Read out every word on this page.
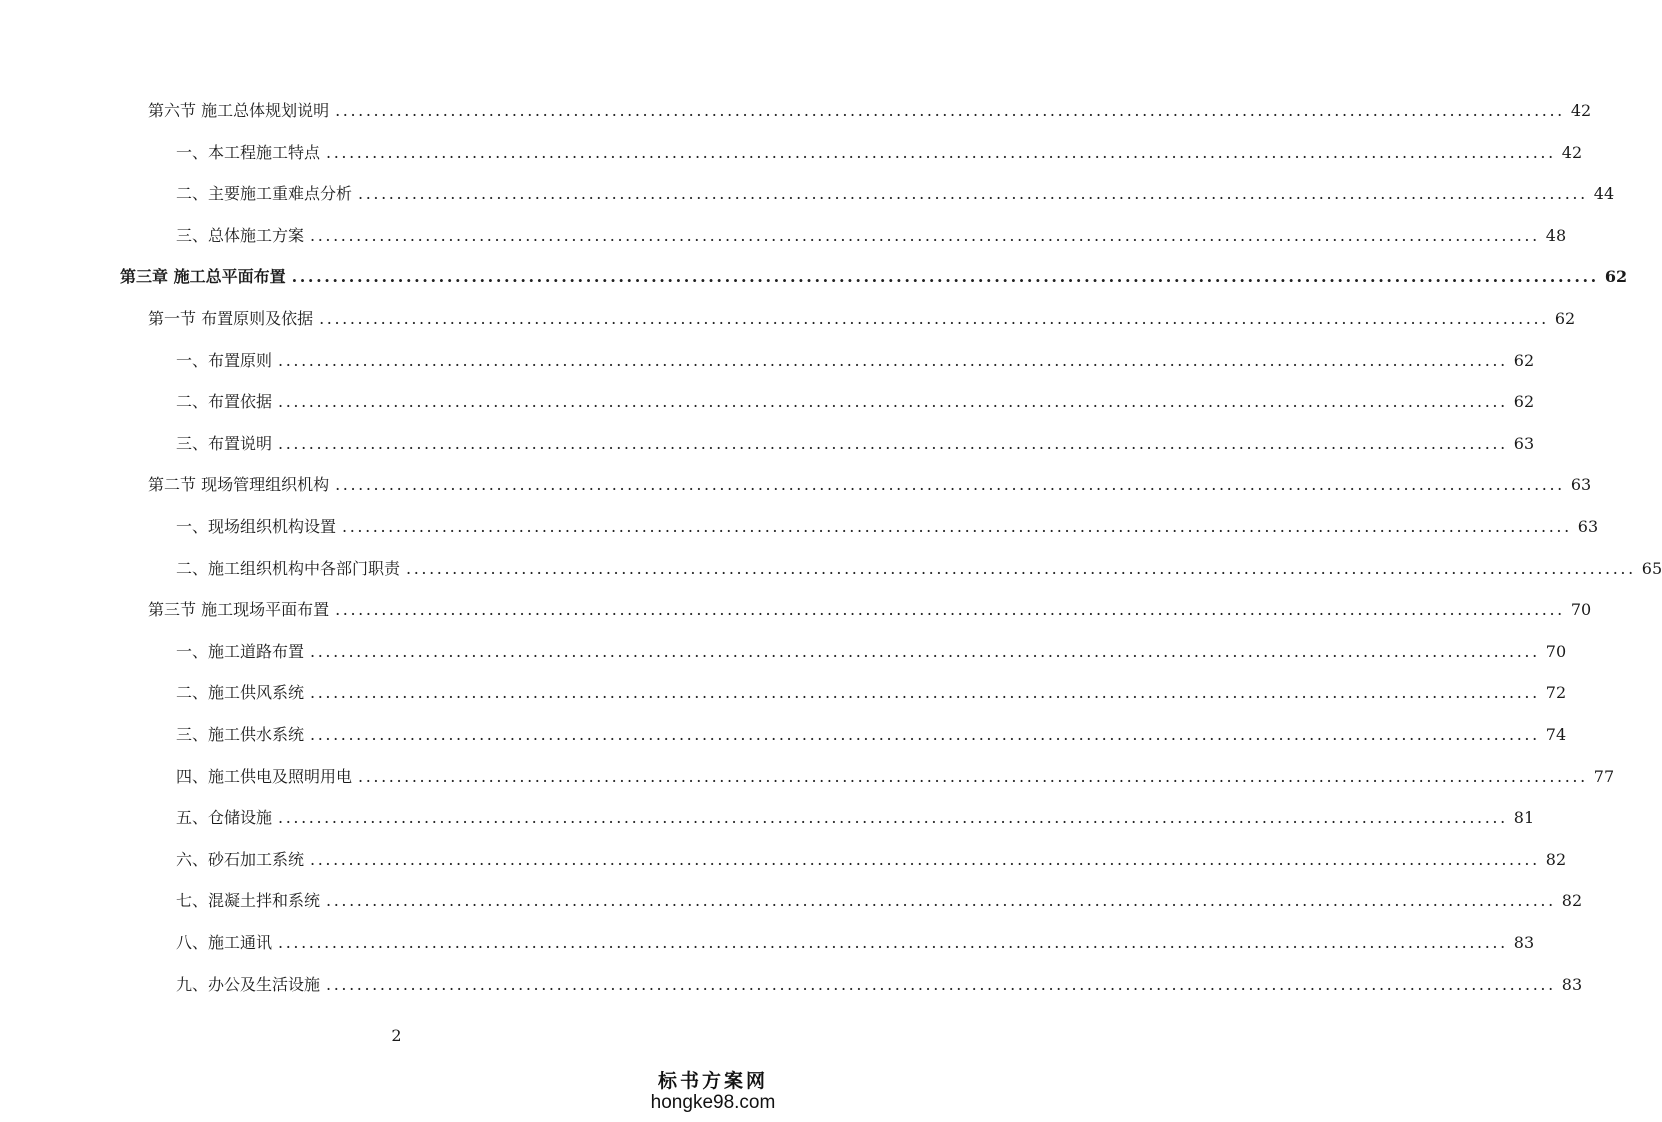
第六节 施工总体规划说明 ................................................................................................................................................................ 42
一、本工程施工特点 ................................................................................................................................................................ 42
二、主要施工重难点分析 ................................................................................................................................................................ 44
三、总体施工方案 ................................................................................................................................................................ 48
第三章 施工总平面布置 ................................................................................................................................................................ 62
第一节 布置原则及依据 ................................................................................................................................................................ 62
一、布置原则 ................................................................................................................................................................ 62
二、布置依据 ................................................................................................................................................................ 62
三、布置说明 ................................................................................................................................................................ 63
第二节 现场管理组织机构 ................................................................................................................................................................ 63
一、现场组织机构设置 ................................................................................................................................................................ 63
二、施工组织机构中各部门职责 ................................................................................................................................................................ 65
第三节 施工现场平面布置 ................................................................................................................................................................ 70
一、施工道路布置 ................................................................................................................................................................ 70
二、施工供风系统 ................................................................................................................................................................ 72
三、施工供水系统 ................................................................................................................................................................ 74
四、施工供电及照明用电 ................................................................................................................................................................ 77
五、仓储设施 ................................................................................................................................................................ 81
六、砂石加工系统 ................................................................................................................................................................ 82
七、混凝土拌和系统 ................................................................................................................................................................ 82
八、施工通讯 ................................................................................................................................................................ 83
九、办公及生活设施 ................................................................................................................................................................ 83
2
标书方案网
hongke98.com
